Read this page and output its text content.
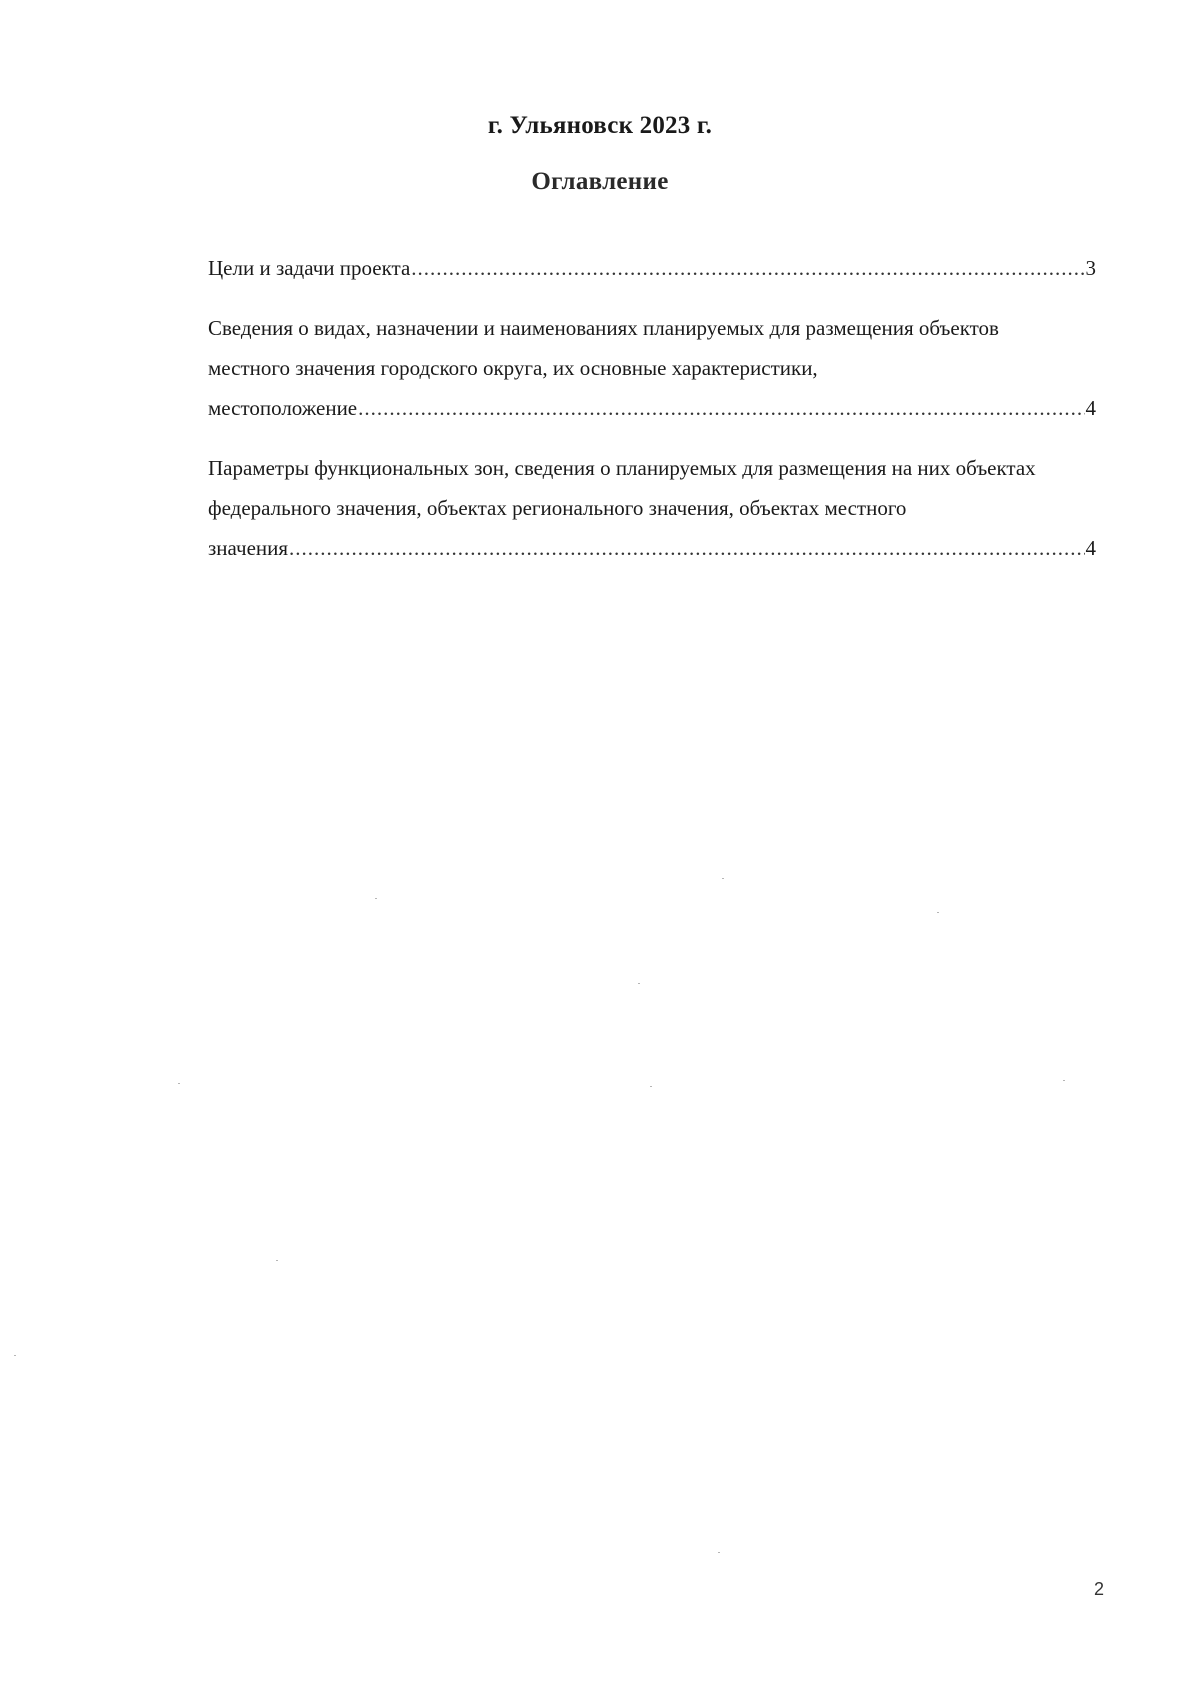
г. Ульяновск 2023 г.
Оглавление
Цели и задачи проекта .....	3
Сведения о видах, назначении и наименованиях планируемых для размещения объектов
местного значения городского округа, их основные характеристики,
местоположение .....	4
Параметры функциональных зон, сведения о планируемых для размещения на них объектах
федерального значения, объектах регионального значения, объектах местного
значения .....	4
2
